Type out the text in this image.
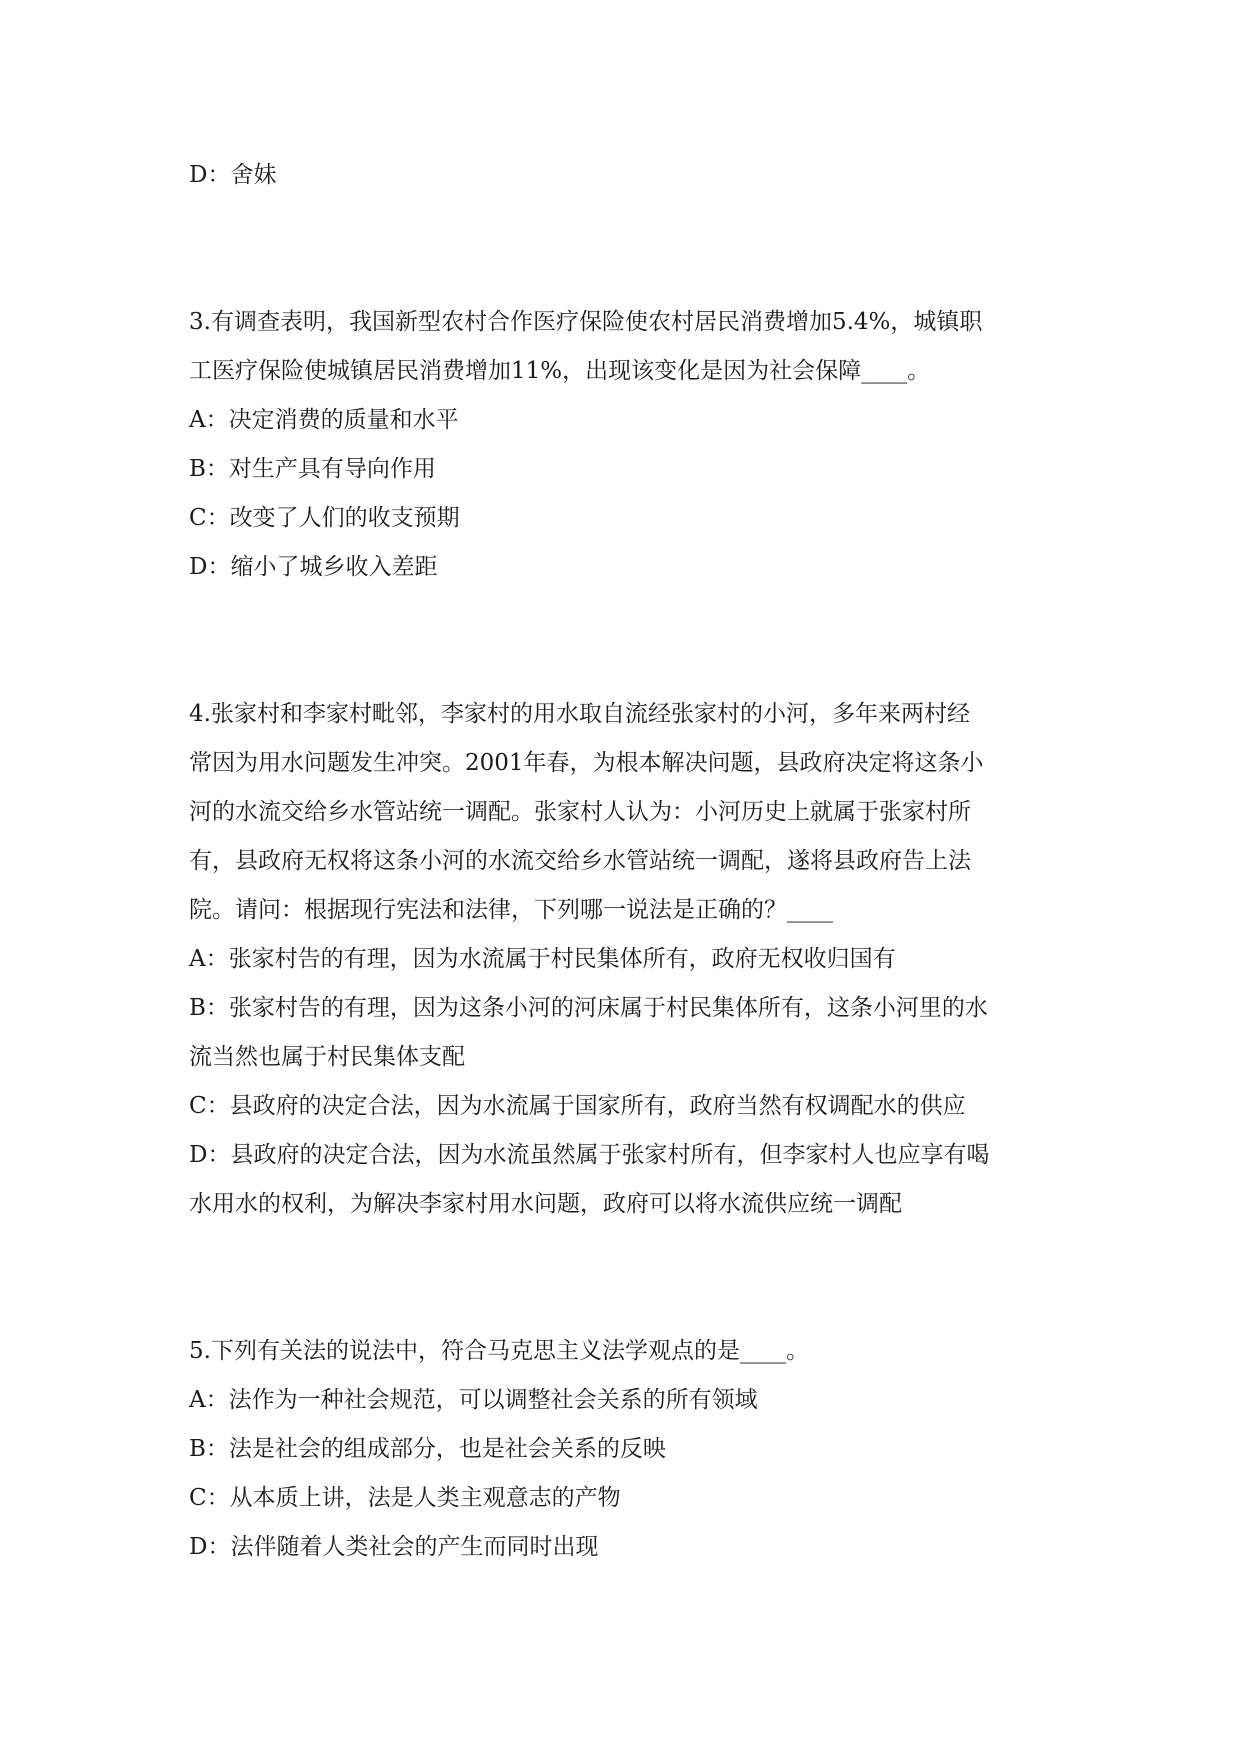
D：舍妹
3.有调查表明，我国新型农村合作医疗保险使农村居民消费增加5.4%，城镇职
工医疗保险使城镇居民消费增加11%，出现该变化是因为社会保障____。
A：决定消费的质量和水平
B：对生产具有导向作用
C：改变了人们的收支预期
D：缩小了城乡收入差距
4.张家村和李家村毗邻，李家村的用水取自流经张家村的小河，多年来两村经
常因为用水问题发生冲突。2001年春，为根本解决问题，县政府决定将这条小
河的水流交给乡水管站统一调配。张家村人认为：小河历史上就属于张家村所
有，县政府无权将这条小河的水流交给乡水管站统一调配，遂将县政府告上法
院。请问：根据现行宪法和法律，下列哪一说法是正确的？____
A：张家村告的有理，因为水流属于村民集体所有，政府无权收归国有
B：张家村告的有理，因为这条小河的河床属于村民集体所有，这条小河里的水
流当然也属于村民集体支配
C：县政府的决定合法，因为水流属于国家所有，政府当然有权调配水的供应
D：县政府的决定合法，因为水流虽然属于张家村所有，但李家村人也应享有喝
水用水的权利，为解决李家村用水问题，政府可以将水流供应统一调配
5.下列有关法的说法中，符合马克思主义法学观点的是____。
A：法作为一种社会规范，可以调整社会关系的所有领域
B：法是社会的组成部分，也是社会关系的反映
C：从本质上讲，法是人类主观意志的产物
D：法伴随着人类社会的产生而同时出现
